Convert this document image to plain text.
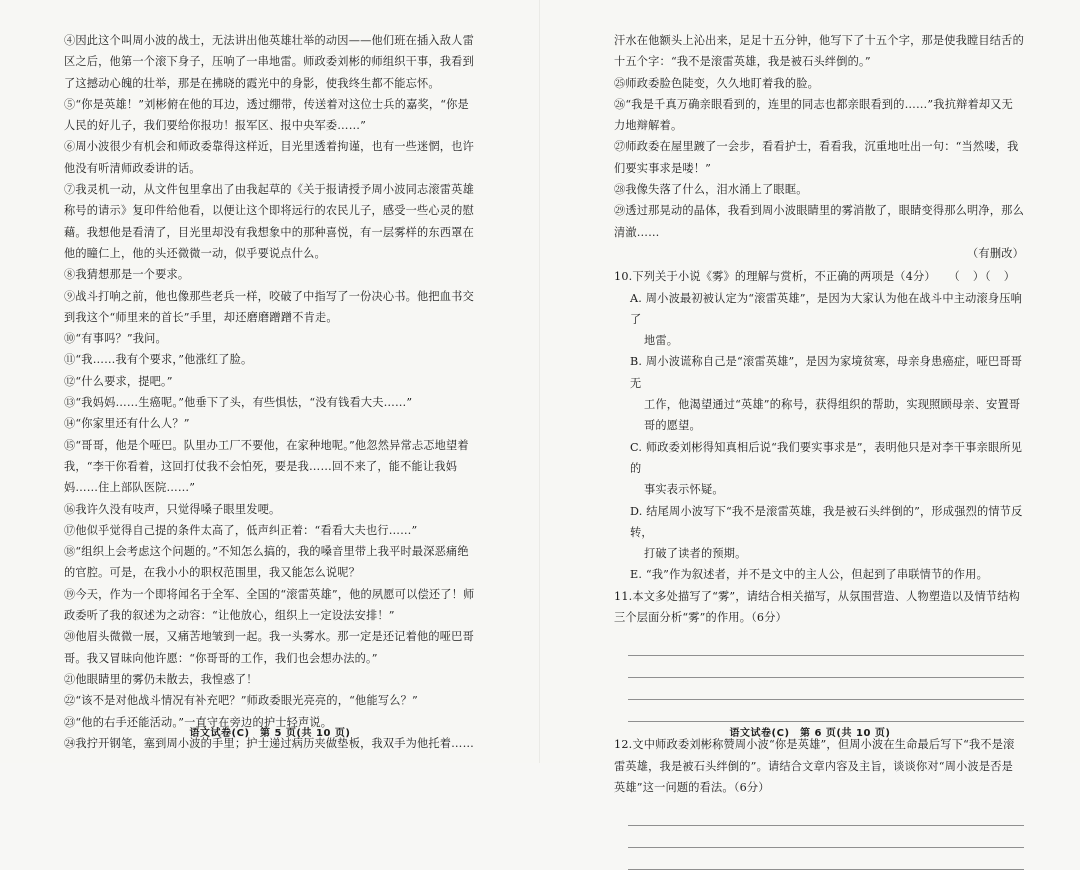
④因此这个叫周小波的战士，无法讲出他英雄壮举的动因——他们班在插入敌人雷区之后，他第一个滚下身子，压响了一串地雷。师政委刘彬的师组织干事，我看到了这撼动心魄的壮举，那是在拂晓的霞光中的身影，使我终生都不能忘怀。

⑤“你是英雄！”刘彬俯在他的耳边，透过绷带，传送着对这位士兵的嘉奖，“你是人民的好儿子，我们要给你报功！报军区、报中央军委……”

⑥周小波很少有机会和师政委靠得这样近，目光里透着拘谨，也有一些迷惘，也许他没有听清师政委讲的话。

⑦我灵机一动，从文件包里拿出了由我起草的《关于报请授予周小波同志滚雷英雄称号的请示》复印件给他看，以便让这个即将远行的农民儿子，感受一些心灵的慰藉。我想他是看清了，目光里却没有我想象中的那种喜悦，有一层雾样的东西罩在他的瞳仁上，他的头还微微一动，似乎要说点什么。

⑧我猜想那是一个要求。

⑨战斗打响之前，他也像那些老兵一样，咬破了中指写了一份决心书。他把血书交到我这个“师里来的首长”手里，却还磨磨蹭蹭不肯走。

⑩“有事吗？”我问。

⑪“我……我有个要求，”他涨红了脸。

⑫“什么要求，提吧。”

⑬“我妈妈……生癌呢。”他垂下了头，有些惧怯，“没有钱看大夫……”

⑭“你家里还有什么人？”

⑮“哥哥，他是个哑巴。队里办工厂不要他，在家种地呢。”他忽然异常忐忑地望着我，“李干你看着，这回打仗我不会怕死，要是我……回不来了，能不能让我妈妈……住上部队医院……”

⑯我许久没有吱声，只觉得嗓子眼里发哽。

⑰他似乎觉得自己提的条件太高了，低声纠正着：“看看大夫也行……”

⑱“组织上会考虑这个问题的。”不知怎么搞的，我的嗓音里带上我平时最深恶痛绝的官腔。可是，在我小小的职权范围里，我又能怎么说呢？

⑲今天，作为一个即将闻名于全军、全国的“滚雷英雄”，他的夙愿可以偿还了！师政委听了我的叙述为之动容：“让他放心，组织上一定设法安排！”

⑳他眉头微微一展，又痛苦地皱到一起。我一头雾水。那一定是还记着他的哑巴哥哥。我又冒昧向他许愿：“你哥哥的工作，我们也会想办法的。”

㉑他眼睛里的雾仍未散去，我惶惑了！

㉒“该不是对他战斗情况有补充吧？”师政委眼光亮亮的，“他能写么？”

㉓“他的右手还能活动。”一直守在旁边的护士轻声说。

㉔我拧开钢笔，塞到周小波的手里；护士递过病历夹做垫板，我双手为他托着……

语文试卷(C)　第 5 页(共 10 页)

汗水在他额头上沁出来，足足十五分钟，他写下了十五个字，那是使我瞠目结舌的十五个字：“我不是滚雷英雄，我是被石头绊倒的。”

㉕师政委脸色陡变，久久地盯着我的脸。

㉖“我是千真万确亲眼看到的，连里的同志也都亲眼看到的……”我抗辩着却又无力地辩解着。

㉗师政委在屋里踱了一会步，看看护士，看看我，沉重地吐出一句：“当然喽，我们要实事求是喽！”

㉘我像失落了什么，泪水涌上了眼眶。

㉙透过那晃动的晶体，我看到周小波眼睛里的雾消散了，眼睛变得那么明净，那么清澈……

（有删改）

10.下列关于小说《雾》的理解与赏析，不正确的两项是（4分） （　）（　）

A. 周小波最初被认定为“滚雷英雄”，是因为大家认为他在战斗中主动滚身压响了

地雷。

B. 周小波谎称自己是“滚雷英雄”，是因为家境贫寒，母亲身患癌症，哑巴哥哥无

工作，他渴望通过“英雄”的称号，获得组织的帮助，实现照顾母亲、安置哥哥的愿望。

C. 师政委刘彬得知真相后说“我们要实事求是”，表明他只是对李干事亲眼所见的

事实表示怀疑。

D. 结尾周小波写下“我不是滚雷英雄，我是被石头绊倒的”，形成强烈的情节反转，

打破了读者的预期。

E. “我”作为叙述者，并不是文中的主人公，但起到了串联情节的作用。

11.本文多处描写了“雾”，请结合相关描写，从氛围营造、人物塑造以及情节结构三个层面分析“雾”的作用。（6分）

12.文中师政委刘彬称赞周小波“你是英雄”，但周小波在生命最后写下“我不是滚雷英雄，我是被石头绊倒的”。请结合文章内容及主旨，谈谈你对“周小波是否是英雄”这一问题的看法。（6分）

语文试卷(C)　第 6 页(共 10 页)
